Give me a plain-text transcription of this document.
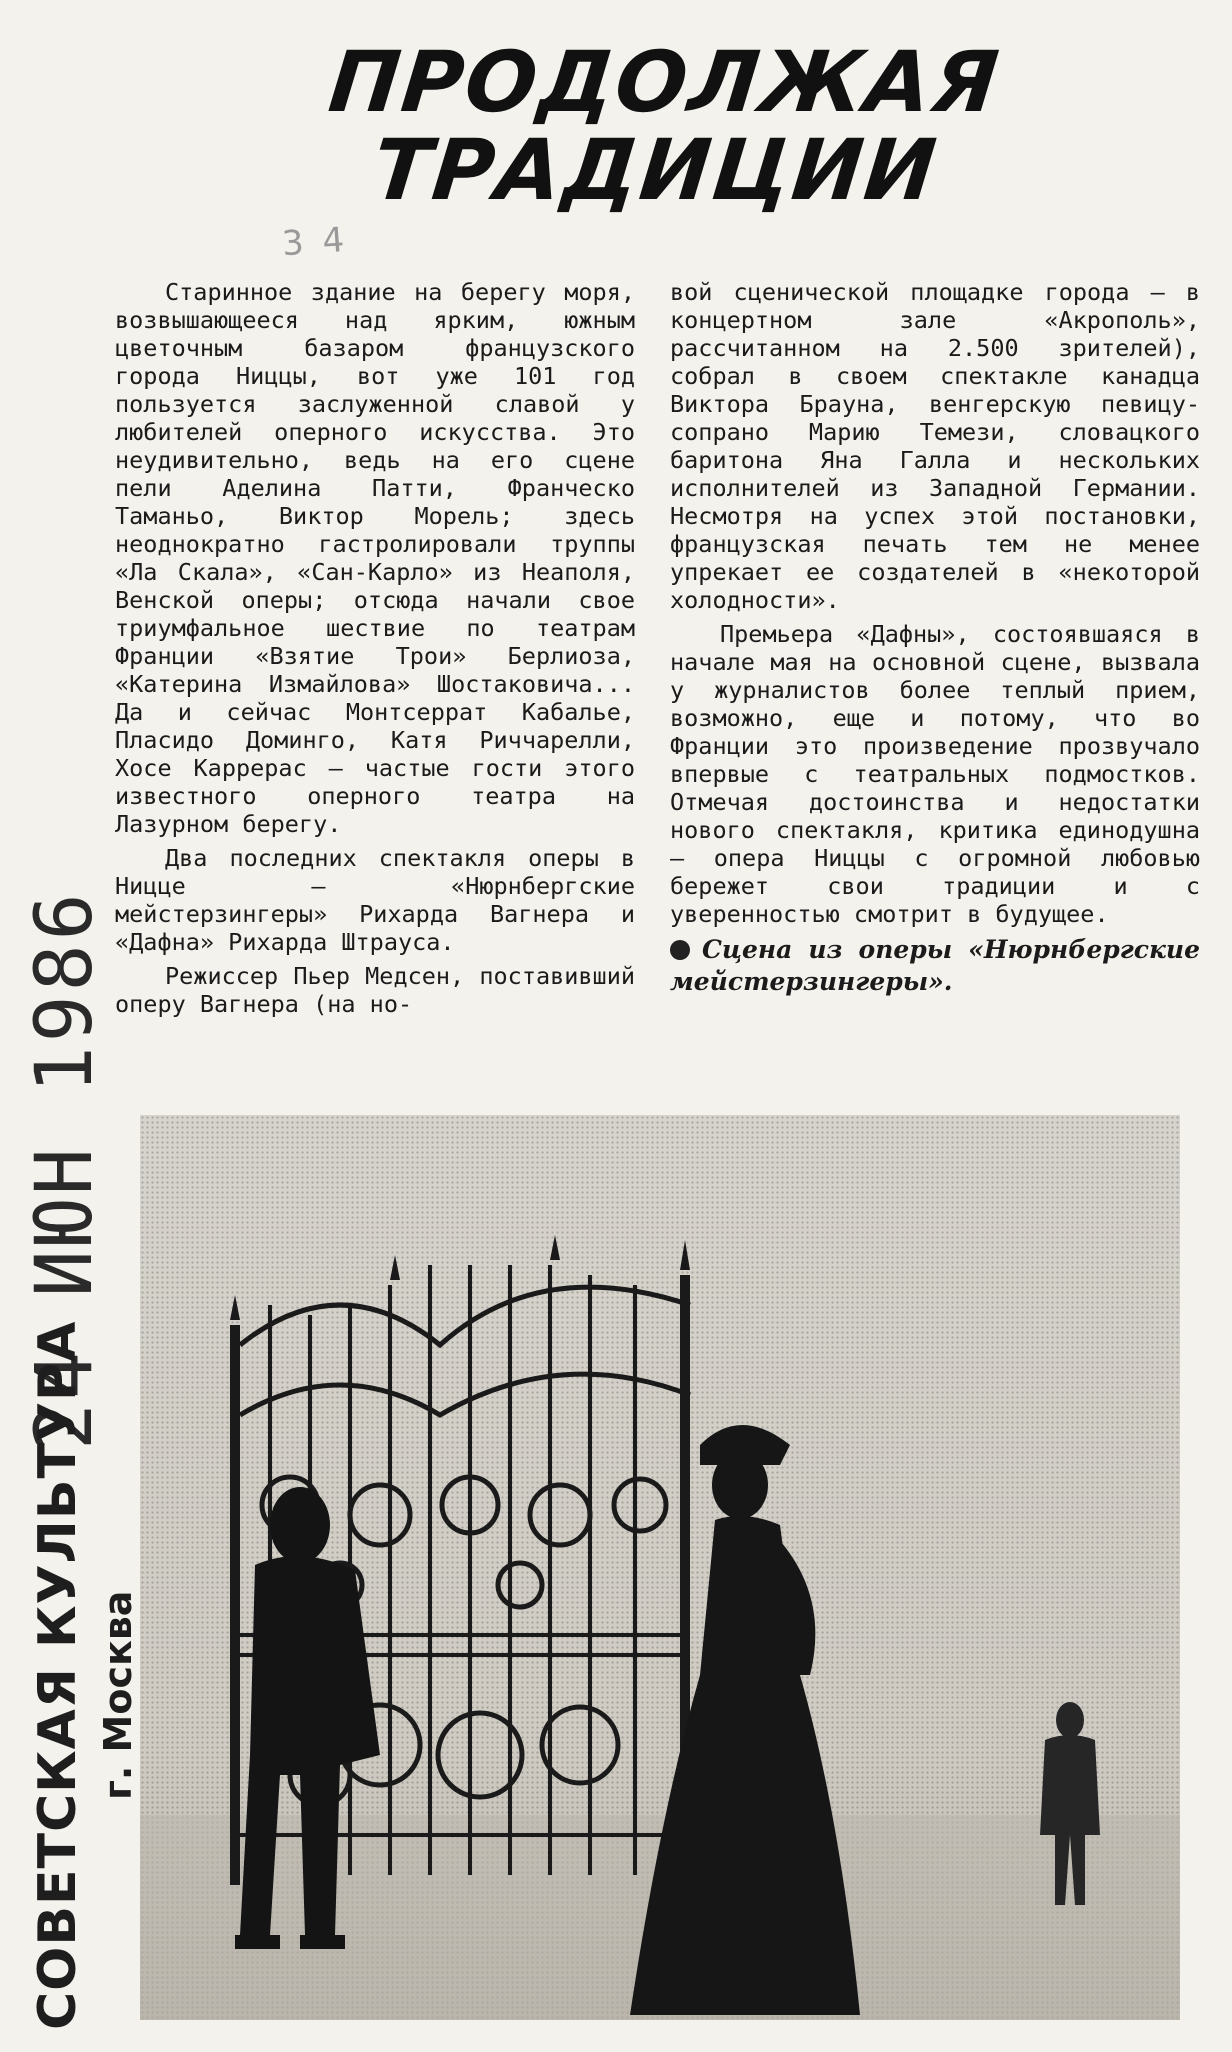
ПРОДОЛЖАЯ
ТРАДИЦИИ
3 4

Старинное здание на берегу моря, возвышающееся над ярким, южным цветочным базаром французского города Ниццы, вот уже 101 год пользуется заслуженной славой у любителей оперного искусства. Это неудивительно, ведь на его сцене пели Аделина Патти, Франческо Таманьо, Виктор Морель; здесь неоднократно гастролировали труппы «Ла Скала», «Сан-Карло» из Неаполя, Венской оперы; отсюда начали свое триумфальное шествие по театрам Франции «Взятие Трои» Берлиоза, «Катерина Измайлова» Шостаковича... Да и сейчас Монтсеррат Кабалье, Пласидо Доминго, Катя Риччарелли, Хосе Каррерас — частые гости этого известного оперного театра на Лазурном берегу.

Два последних спектакля оперы в Ницце — «Нюрнбергские мейстерзингеры» Рихарда Вагнера и «Дафна» Рихарда Штрауса.

Режиссер Пьер Медсен, поставивший оперу Вагнера (на но-

вой сценической площадке города — в концертном зале «Акрополь», рассчитанном на 2.500 зрителей), собрал в своем спектакле канадца Виктора Брауна, венгерскую певицу-сопрано Марию Темези, словацкого баритона Яна Галла и нескольких исполнителей из Западной Германии. Несмотря на успех этой постановки, французская печать тем не менее упрекает ее создателей в «некоторой холодности».

Премьера «Дафны», состоявшаяся в начале мая на основной сцене, вызвала у журналистов более теплый прием, возможно, еще и потому, что во Франции это произведение прозвучало впервые с театральных подмостков. Отмечая достоинства и недостатки нового спектакля, критика единодушна — опера Ниццы с огромной любовью бережет свои традиции и с уверенностью смотрит в будущее.

Сцена из оперы «Нюрнбергские мейстерзингеры».

24 ИЮН 1986
СОВЕТСКАЯ КУЛЬТУРА г. Москва
